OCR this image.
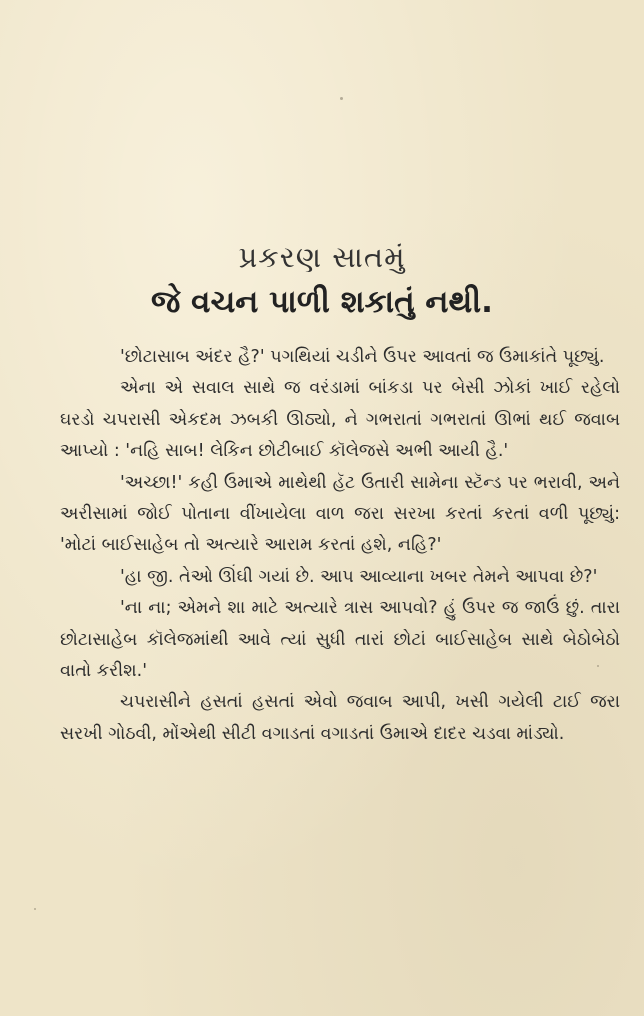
પ્રકરણ સાતમું
જે વચન પાળી શકાતું નથી.

'છોટાસાબ અંદર હૈ?' પગથિયાં ચડીને ઉપર આવતાં જ ઉમાકાંતે પૂછ્યું.

એના એ સવાલ સાથે જ વરંડામાં બાંકડા પર બેસી ઝોકાં ખાઈ રહેલો ઘરડો ચપરાસી એકદમ ઝબકી ઊઠ્યો, ને ગભરાતાં ગભરાતાં ઊભાં થઈ જવાબ આપ્યો : 'નહિ સાબ! લેકિન છોટીબાઈ કૉલેજસે અભી આયી હૈ.'

'અચ્છા!' કહી ઉમાએ માથેથી હૅટ ઉતારી સામેના સ્ટૅન્ડ પર ભરાવી, અને અરીસામાં જોઈ પોતાના વીંખાયેલા વાળ જરા સરખા કરતાં કરતાં વળી પૂછ્યું: 'મોટાં બાઈસાહેબ તો અત્યારે આરામ કરતાં હશે, નહિ?'

'હા જી. તેઓ ઊંઘી ગયાં છે. આપ આવ્યાના ખબર તેમને આપવા છે?'

'ના ના; એમને શા માટે અત્યારે ત્રાસ આપવો? હું ઉપર જ જાઉં છું. તારા છોટાસાહેબ કૉલેજમાંથી આવે ત્યાં સુધી તારાં છોટાં બાઈસાહેબ સાથે બેઠોબેઠો વાતો કરીશ.'

ચપરાસીને હસતાં હસતાં એવો જવાબ આપી, ખસી ગયેલી ટાઈ જરા સરખી ગોઠવી, મોંએથી સીટી વગાડતાં વગાડતાં ઉમાએ દાદર ચડવા માંડ્યો.
